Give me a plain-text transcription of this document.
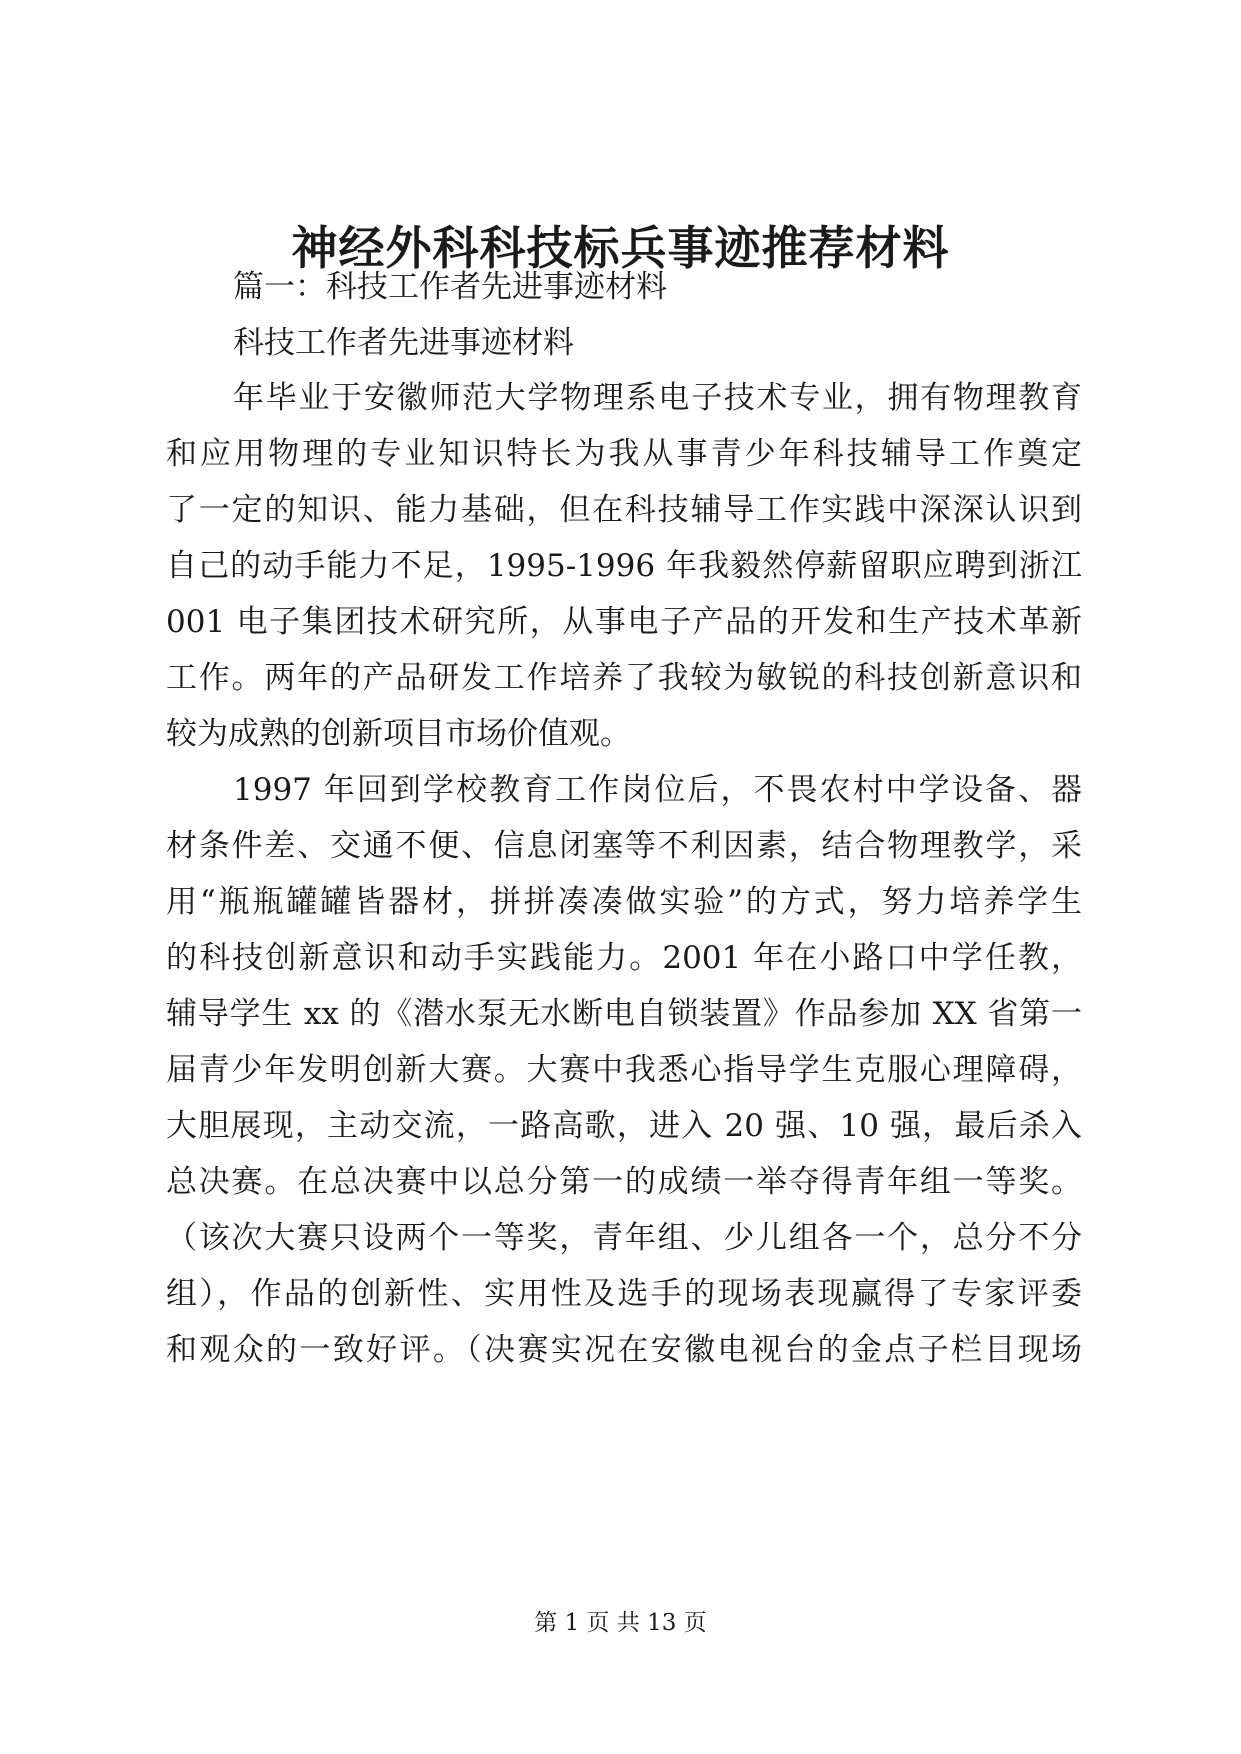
神经外科科技标兵事迹推荐材料
篇一：科技工作者先进事迹材料
科技工作者先进事迹材料
年毕业于安徽师范大学物理系电子技术专业，拥有物理教育
和应用物理的专业知识特长为我从事青少年科技辅导工作奠定
了一定的知识、能力基础，但在科技辅导工作实践中深深认识到
自己的动手能力不足，1995-1996 年我毅然停薪留职应聘到浙江
001 电子集团技术研究所，从事电子产品的开发和生产技术革新
工作。两年的产品研发工作培养了我较为敏锐的科技创新意识和
较为成熟的创新项目市场价值观。
1997 年回到学校教育工作岗位后，不畏农村中学设备、器
材条件差、交通不便、信息闭塞等不利因素，结合物理教学，采
用“瓶瓶罐罐皆器材，拼拼凑凑做实验”的方式，努力培养学生
的科技创新意识和动手实践能力。2001 年在小路口中学任教，
辅导学生 xx 的《潜水泵无水断电自锁装置》作品参加 XX 省第一
届青少年发明创新大赛。大赛中我悉心指导学生克服心理障碍，
大胆展现，主动交流，一路高歌，进入 20 强、10 强，最后杀入
总决赛。在总决赛中以总分第一的成绩一举夺得青年组一等奖。
（该次大赛只设两个一等奖，青年组、少儿组各一个，总分不分
组），作品的创新性、实用性及选手的现场表现赢得了专家评委
和观众的一致好评。（决赛实况在安徽电视台的金点子栏目现场
第 1 页 共 13 页
